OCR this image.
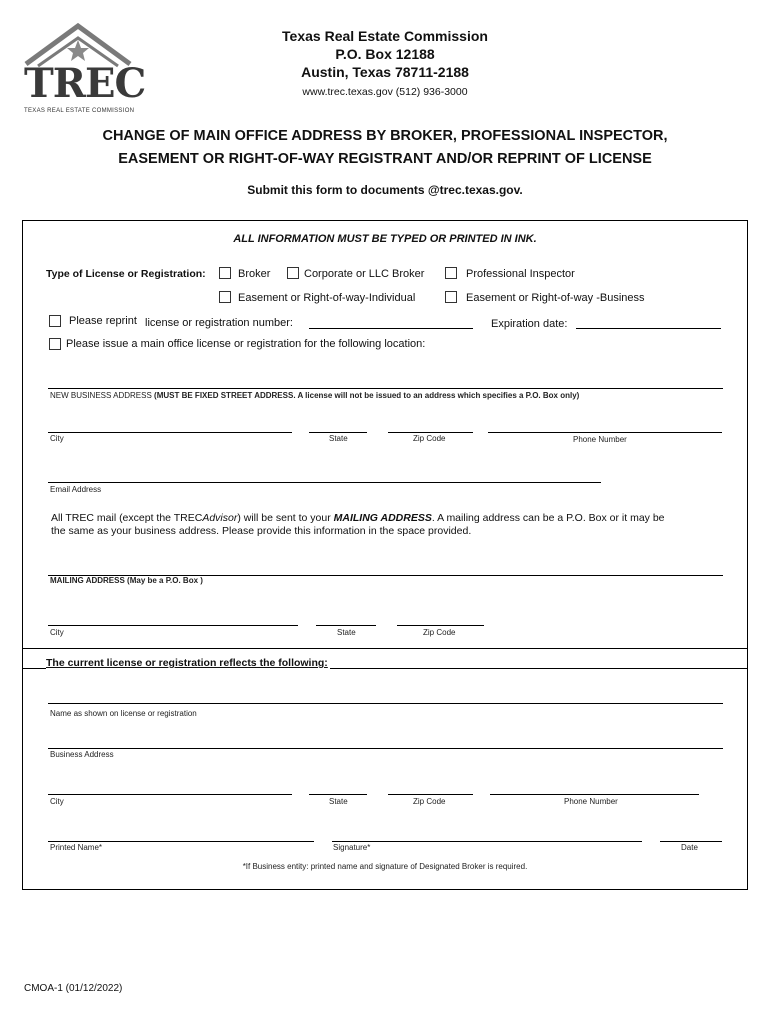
TREC
TEXAS REAL ESTATE COMMISSION
Texas Real Estate Commission
P.O. Box 12188
Austin, Texas 78711-2188
www.trec.texas.gov (512) 936-3000
CHANGE OF MAIN OFFICE ADDRESS BY BROKER, PROFESSIONAL INSPECTOR,
EASEMENT OR RIGHT-OF-WAY REGISTRANT AND/OR REPRINT OF LICENSE
Submit this form to documents @trec.texas.gov.
ALL INFORMATION MUST BE TYPED OR PRINTED IN INK.
Type of License or Registration:	Broker	Corporate or LLC Broker	Professional Inspector
Easement or Right-of-way-Individual	Easement or Right-of-way -Business
Please reprint license or registration number:	Expiration date:
Please issue a main office license or registration for the following location:
NEW BUSINESS ADDRESS (MUST BE FIXED STREET ADDRESS. A license will not be issued to an address which specifies a P.O. Box only)
City	State	Zip Code	Phone Number
Email Address
All TREC mail (except the TRECAdvisor) will be sent to your MAILING ADDRESS. A mailing address can be a P.O. Box or it may be
the same as your business address. Please provide this information in the space provided.
MAILING ADDRESS (May be a P.O. Box )
City	State	Zip Code
The current license or registration reflects the following:
Name as shown on license or registration
Business Address
City	State	Zip Code	Phone Number
Printed Name*	Signature*	Date
*If Business entity: printed name and signature of Designated Broker is required.
CMOA-1 (01/12/2022)
